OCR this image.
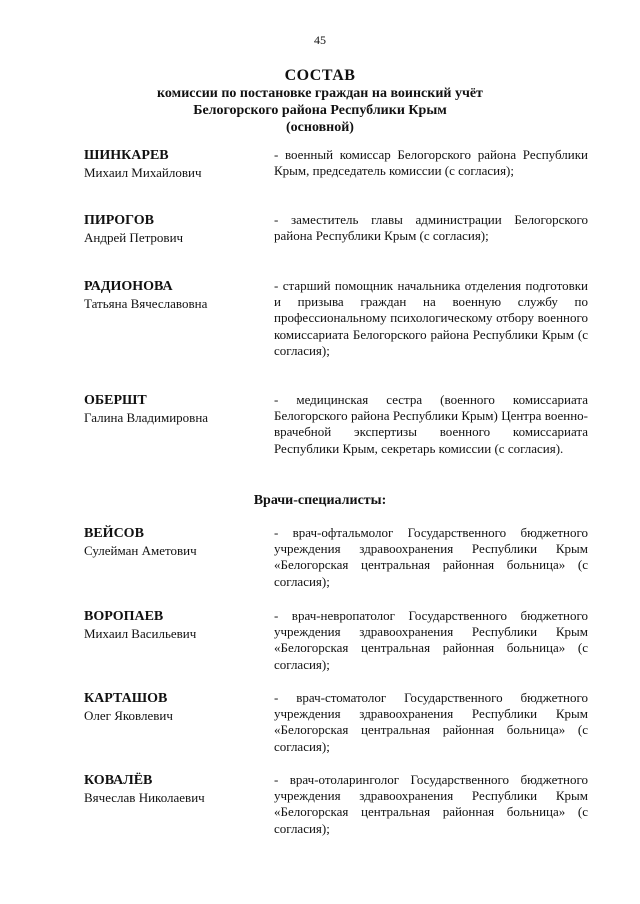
45
СОСТАВ
комиссии по постановке граждан на воинский учёт
Белогорского района Республики Крым
(основной)
ШИНКАРЕВ
Михаил Михайлович
- военный комиссар Белогорского района Республики Крым, председатель комиссии (с согласия);
ПИРОГОВ
Андрей Петрович
- заместитель главы администрации Белогорского района Республики Крым (с согласия);
РАДИОНОВА
Татьяна Вячеславовна
- старший помощник начальника отделения подготовки и призыва граждан на военную службу по профессиональному психологическому отбору военного комиссариата Белогорского района Республики Крым (с согласия);
ОБЕРШТ
Галина Владимировна
- медицинская сестра (военного комиссариата Белогорского района Республики Крым) Центра военно-врачебной экспертизы военного комиссариата Республики Крым, секретарь комиссии (с согласия).
Врачи-специалисты:
ВЕЙСОВ
Сулейман Аметович
- врач-офтальмолог Государственного бюджетного учреждения здравоохранения Республики Крым «Белогорская центральная районная больница» (с согласия);
ВОРОПАЕВ
Михаил Васильевич
- врач-невропатолог Государственного бюджетного учреждения здравоохранения Республики Крым «Белогорская центральная районная больница» (с согласия);
КАРТАШОВ
Олег Яковлевич
- врач-стоматолог Государственного бюджетного учреждения здравоохранения Республики Крым «Белогорская центральная районная больница» (с согласия);
КОВАЛЁВ
Вячеслав Николаевич
- врач-отоларинголог Государственного бюджетного учреждения здравоохранения Республики Крым «Белогорская центральная районная больница» (с согласия);
